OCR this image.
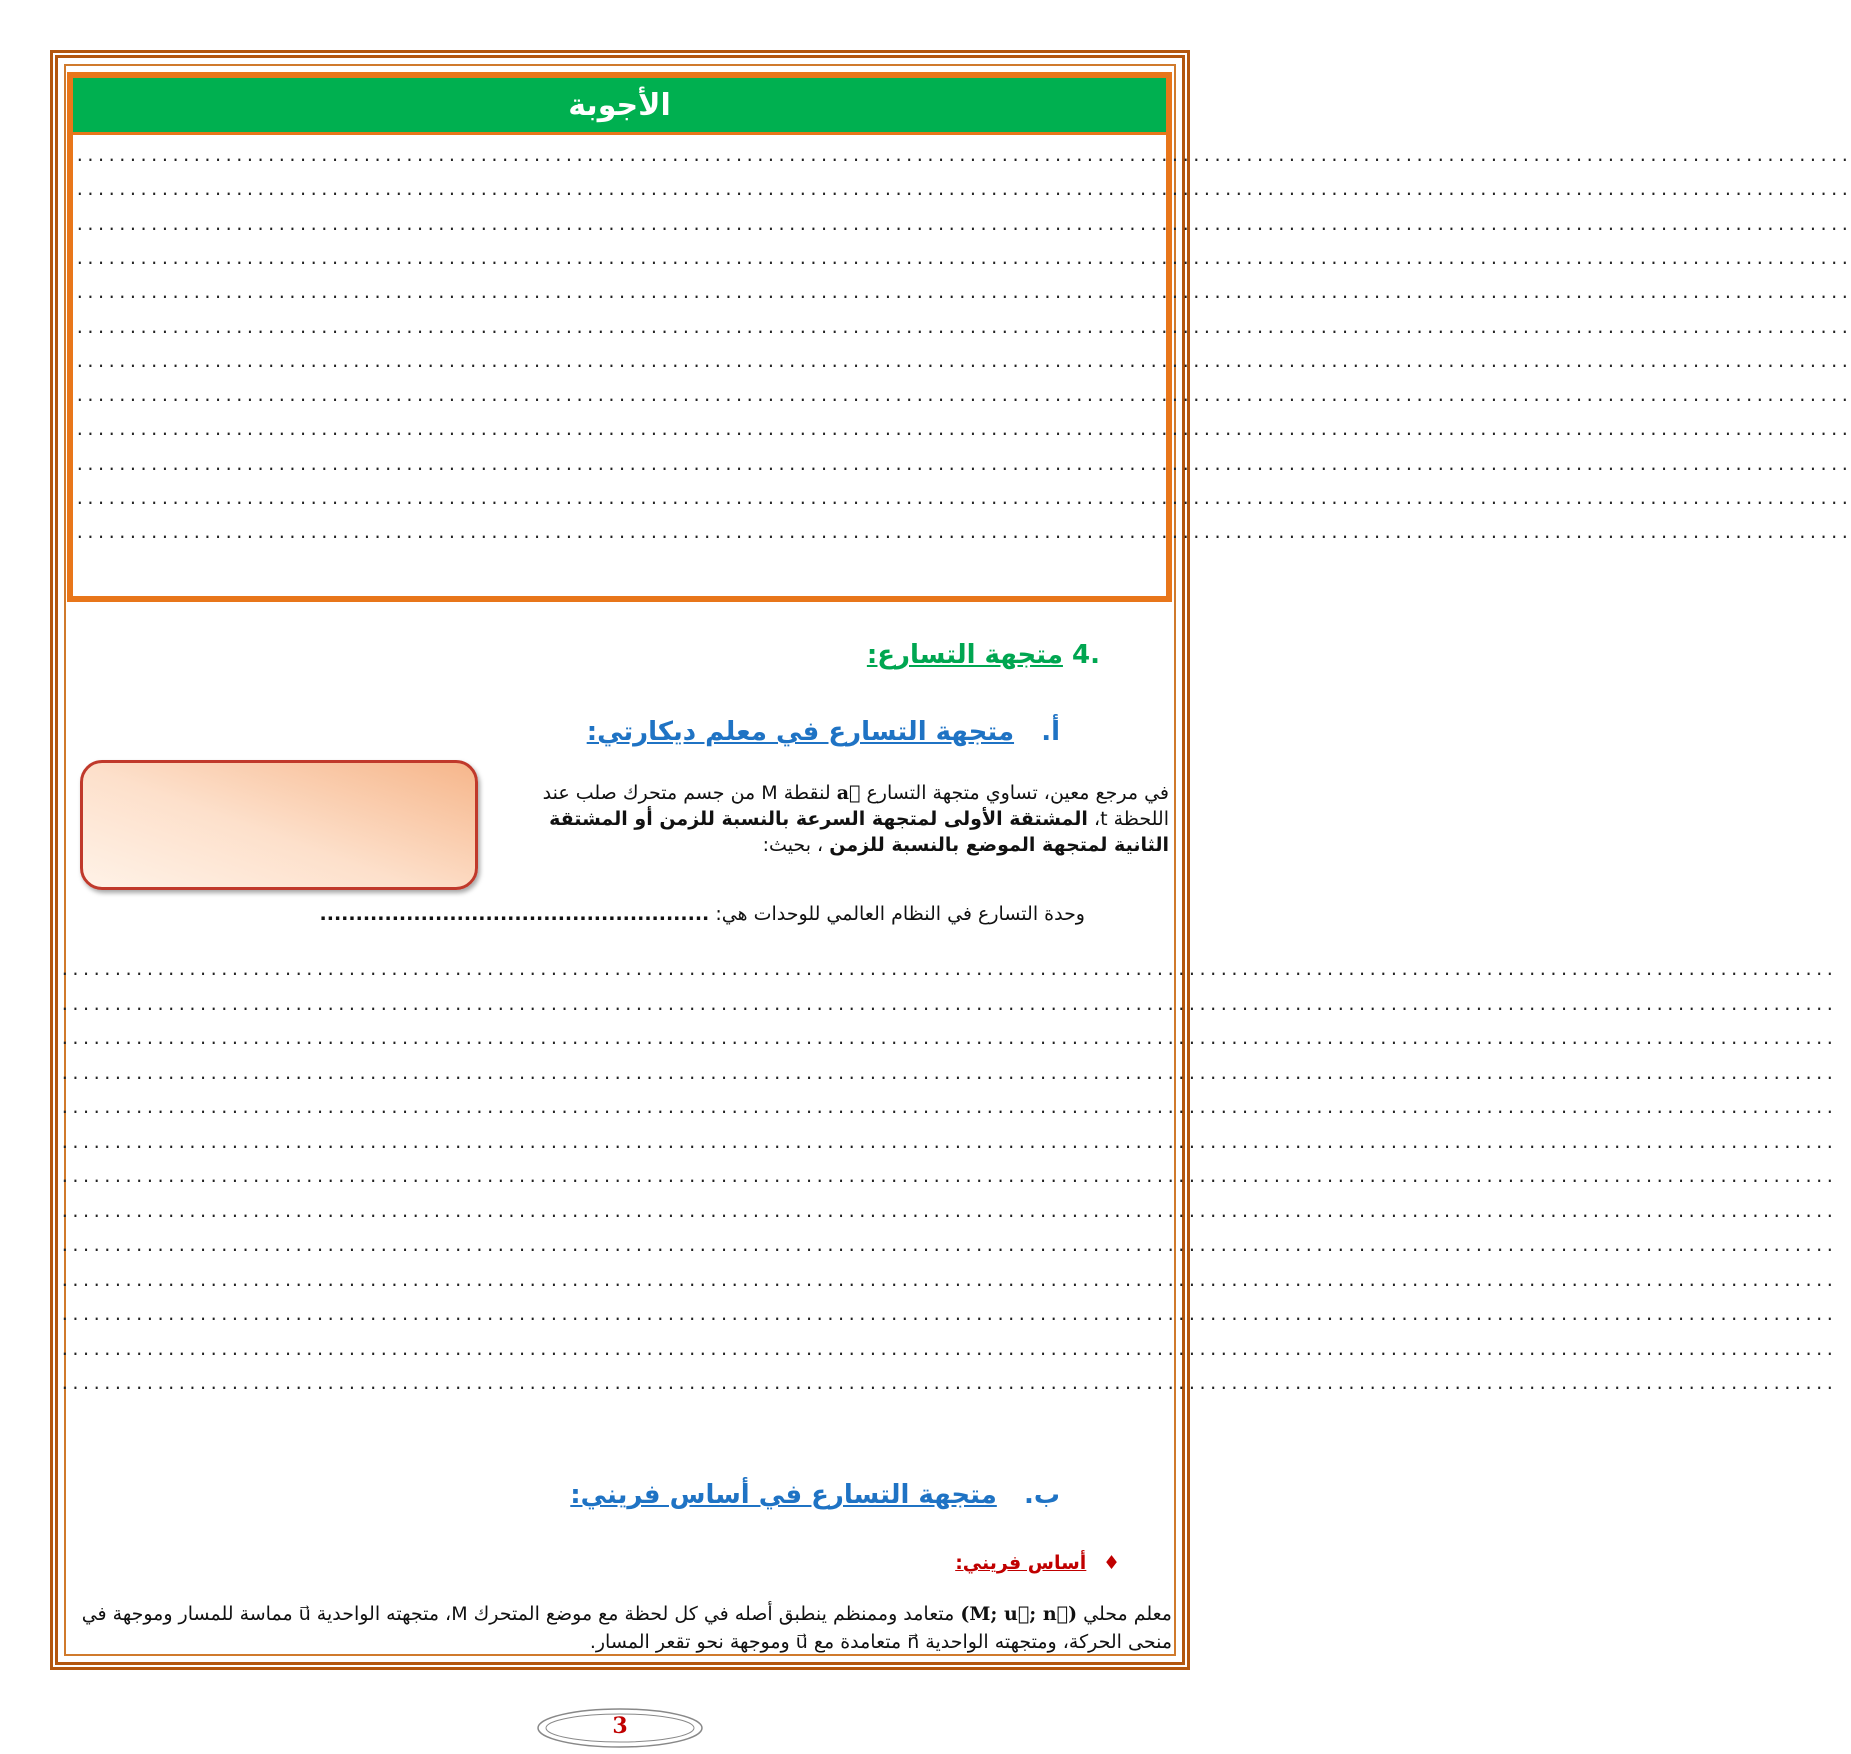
الأجوبة
.......................................................................................................................................................................
.......................................................................................................................................................................
.......................................................................................................................................................................
.......................................................................................................................................................................
.......................................................................................................................................................................
.......................................................................................................................................................................
.......................................................................................................................................................................
.......................................................................................................................................................................
.......................................................................................................................................................................
.......................................................................................................................................................................
.......................................................................................................................................................................
.......................................................................................................................................................................
.4 متجهة التسارع:
أ.   متجهة التسارع في معلم ديكارتي:
في مرجع معين، تساوي متجهة التسارع a⃗ لنقطة M من جسم متحرك صلب عند اللحظة t، المشتقة الأولى لمتجهة السرعة بالنسبة للزمن أو المشتقة الثانية لمتجهة الموضع بالنسبة للزمن ، بحيث:
وحدة التسارع في النظام العالمي للوحدات هي: ......................................................
.......................................................................................................................................................................
.......................................................................................................................................................................
.......................................................................................................................................................................
.......................................................................................................................................................................
.......................................................................................................................................................................
.......................................................................................................................................................................
.......................................................................................................................................................................
.......................................................................................................................................................................
.......................................................................................................................................................................
.......................................................................................................................................................................
.......................................................................................................................................................................
.......................................................................................................................................................................
.......................................................................................................................................................................
ب.   متجهة التسارع في أساس فريني:
♦ أساس فريني:
معلم محلي (M; u⃗; n⃗) متعامد وممنظم ينطبق أصله في كل لحظة مع موضع المتحرك M، متجهته الواحدية u⃗ مماسة للمسار وموجهة في منحى الحركة، ومتجهته الواحدية n⃗ متعامدة مع u⃗ وموجهة نحو تقعر المسار.
3
